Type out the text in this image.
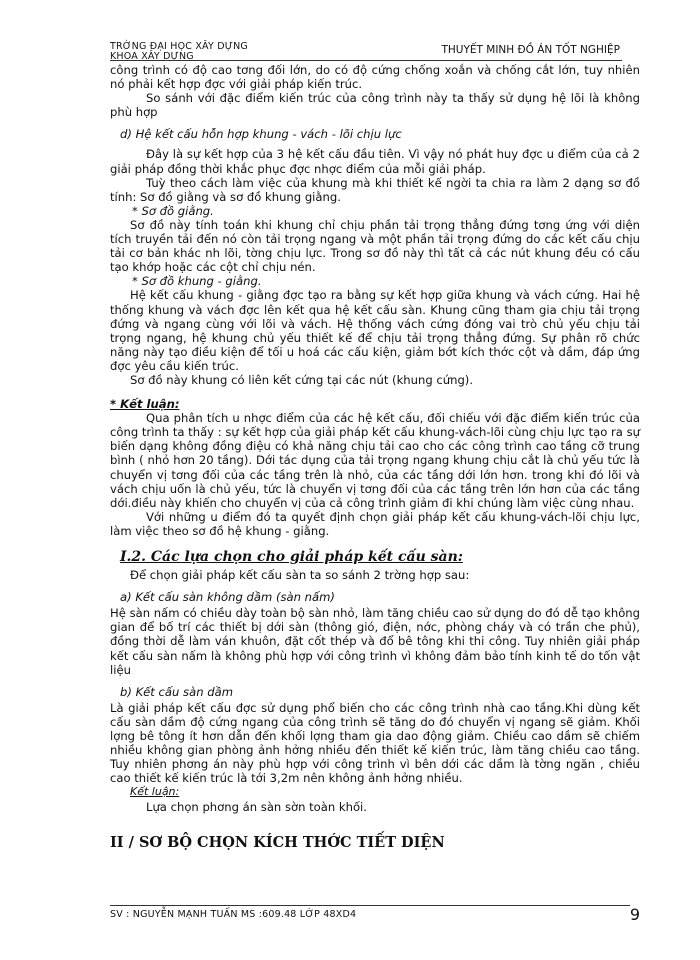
TRỜNG ĐẠI HỌC XÂY DỰNG
KHOA XÂY DỰNG
THUYẾT MINH ĐỒ ÁN TỐT NGHIỆP

công trình có độ cao tơng đối lớn, do có độ cứng chống xoắn và chống cắt lớn, tuy nhiên nó phải kết hợp đợc với giải pháp kiến trúc.

So sánh với đặc điểm kiến trúc của công trình này ta thấy sử dụng hệ lõi là không phù hợp

d) Hệ kết cấu hỗn hợp khung - vách - lõi chịu lực

Đây là sự kết hợp của 3 hệ kết cấu đầu tiên. Vì vậy nó phát huy đợc u điểm của cả 2 giải pháp đồng thời khắc phục đợc nhợc điểm của mỗi giải pháp.

Tuỳ theo cách làm việc của khung mà khi thiết kế ngời ta chia ra làm 2 dạng sơ đồ tính: Sơ đồ giằng và sơ đồ khung giằng.

* Sơ đồ giằng.

Sơ đồ này tính toán khi khung chỉ chịu phần tải trọng thẳng đứng tơng ứng với diện tích truyền tải đến nó còn tải trọng ngang và một phần tải trọng đứng do các kết cấu chịu tải cơ bản khác nh lõi, tờng chịu lực. Trong sơ đồ này thì tất cả các nút khung đều có cấu tạo khớp hoặc các cột chỉ chịu nén.

* Sơ đồ khung - giằng.

Hệ kết cấu khung - giằng đợc tạo ra bằng sự kết hợp giữa khung và vách cứng. Hai hệ thống khung và vách đợc lên kết qua hệ kết cấu sàn. Khung cũng tham gia chịu tải trọng đứng và ngang cùng với lõi và vách. Hệ thống vách cứng đóng vai trò chủ yếu chịu tải trọng ngang, hệ khung chủ yếu thiết kế để chịu tải trọng thẳng đứng. Sự phân rõ chức năng này tạo điều kiện để tối u hoá các cấu kiện, giảm bớt kích thớc cột và dầm, đáp ứng đợc yêu cầu kiến trúc.

Sơ đồ này khung có liên kết cứng tại các nút (khung cứng).

* Kết luận:

Qua phân tích u nhợc điểm của các hệ kết cấu, đối chiếu với đặc điểm kiến trúc của công trình ta thấy : sự kết hợp của giải pháp kết cấu khung-vách-lõi cùng chịu lực tạo ra sự biến dạng không đồng điệu có khả năng chịu tải cao cho các công trình cao tầng cỡ trung bình ( nhỏ hơn 20 tầng). Dới tác dụng của tải trọng ngang khung chịu cắt là chủ yếu tức là chuyển vị tơng đối của các tầng trên là nhỏ, của các tầng dới lớn hơn. trong khi đó lõi và vách chịu uốn là chủ yếu, tức là chuyển vị tơng đối của các tầng trên lớn hơn của các tầng dới.điều này khiến cho chuyển vị của cả công trình giảm đi khi chúng làm việc cùng nhau.

Với những u điểm đó ta quyết định chọn giải pháp kết cấu khung-vách-lõi chịu lực, làm việc theo sơ đồ hệ khung - giằng.

I.2. Các lựa chọn cho giải pháp kết cấu sàn:

Để chọn giải pháp kết cấu sàn ta so sánh 2 trờng hợp sau:

a) Kết cấu sàn không dầm (sàn nấm)

Hệ sàn nấm có chiều dày toàn bộ sàn nhỏ, làm tăng chiều cao sử dụng do đó dễ tạo không gian để bố trí các thiết bị dới sàn (thông gió, điện, nớc, phòng cháy và có trần che phủ), đồng thời dễ làm ván khuôn, đặt cốt thép và đổ bê tông khi thi công. Tuy nhiên giải pháp kết cấu sàn nấm là không phù hợp với công trình vì không đảm bảo tính kinh tế do tốn vật liệu

b) Kết cấu sàn dầm

Là giải pháp kết cấu đợc sử dụng phổ biến cho các công trình nhà cao tầng.Khi dùng kết cấu sàn dầm độ cứng ngang của công trình sẽ tăng do đó chuyển vị ngang sẽ giảm. Khối lợng bê tông ít hơn dẫn đến khối lợng tham gia dao động giảm. Chiều cao dầm sẽ chiếm nhiều không gian phòng ảnh hởng nhiều đến thiết kế kiến trúc, làm tăng chiều cao tầng. Tuy nhiên phơng án này phù hợp với công trình vì bên dới các dầm là tờng ngăn , chiều cao thiết kế kiến trúc là tới 3,2m nên không ảnh hởng nhiều.

Kết luận:

Lựa chọn phơng án sàn sờn toàn khối.

II / SƠ BỘ CHỌN KÍCH THỚC TIẾT DIỆN

SV : NGUYỄN MẠNH TUẤN MS :609.48 LỚP 48XD4	9
